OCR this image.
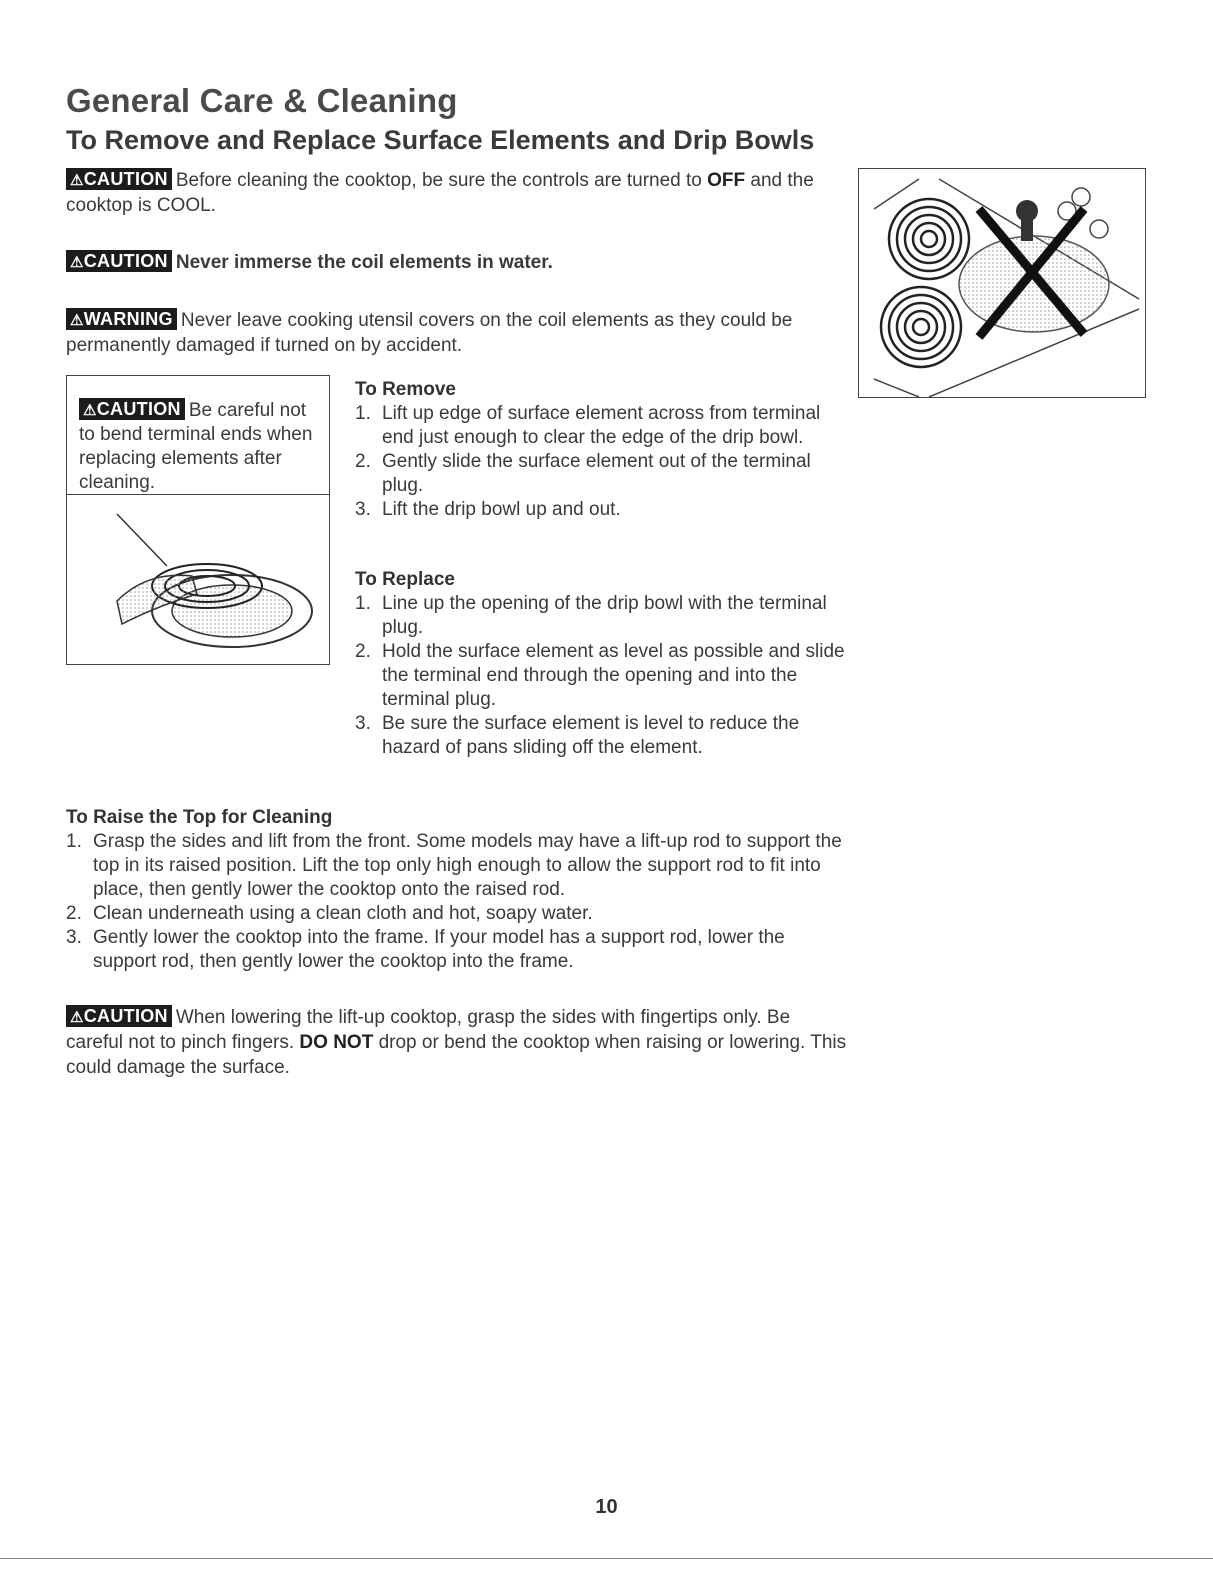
General Care & Cleaning
To Remove and Replace Surface Elements and Drip Bowls
⚠CAUTION Before cleaning the cooktop, be sure the controls are turned to OFF and the cooktop is COOL.
⚠CAUTION Never immerse the coil elements in water.
⚠WARNING Never leave cooking utensil covers on the coil elements as they could be permanently damaged if turned on by accident.
⚠CAUTION Be careful not to bend terminal ends when replacing elements after cleaning.
To Remove
1. Lift up edge of surface element across from terminal end just enough to clear the edge of the drip bowl.
2. Gently slide the surface element out of the terminal plug.
3. Lift the drip bowl up and out.
To Replace
1. Line up the opening of the drip bowl with the terminal plug.
2. Hold the surface element as level as possible and slide the terminal end through the opening and into the terminal plug.
3. Be sure the surface element is level to reduce the hazard of pans sliding off the element.
To Raise the Top for Cleaning
1. Grasp the sides and lift from the front. Some models may have a lift-up rod to support the top in its raised position. Lift the top only high enough to allow the support rod to fit into place, then gently lower the cooktop onto the raised rod.
2. Clean underneath using a clean cloth and hot, soapy water.
3. Gently lower the cooktop into the frame. If your model has a support rod, lower the support rod, then gently lower the cooktop into the frame.
⚠CAUTION When lowering the lift-up cooktop, grasp the sides with fingertips only. Be careful not to pinch fingers. DO NOT drop or bend the cooktop when raising or lowering. This could damage the surface.
10
